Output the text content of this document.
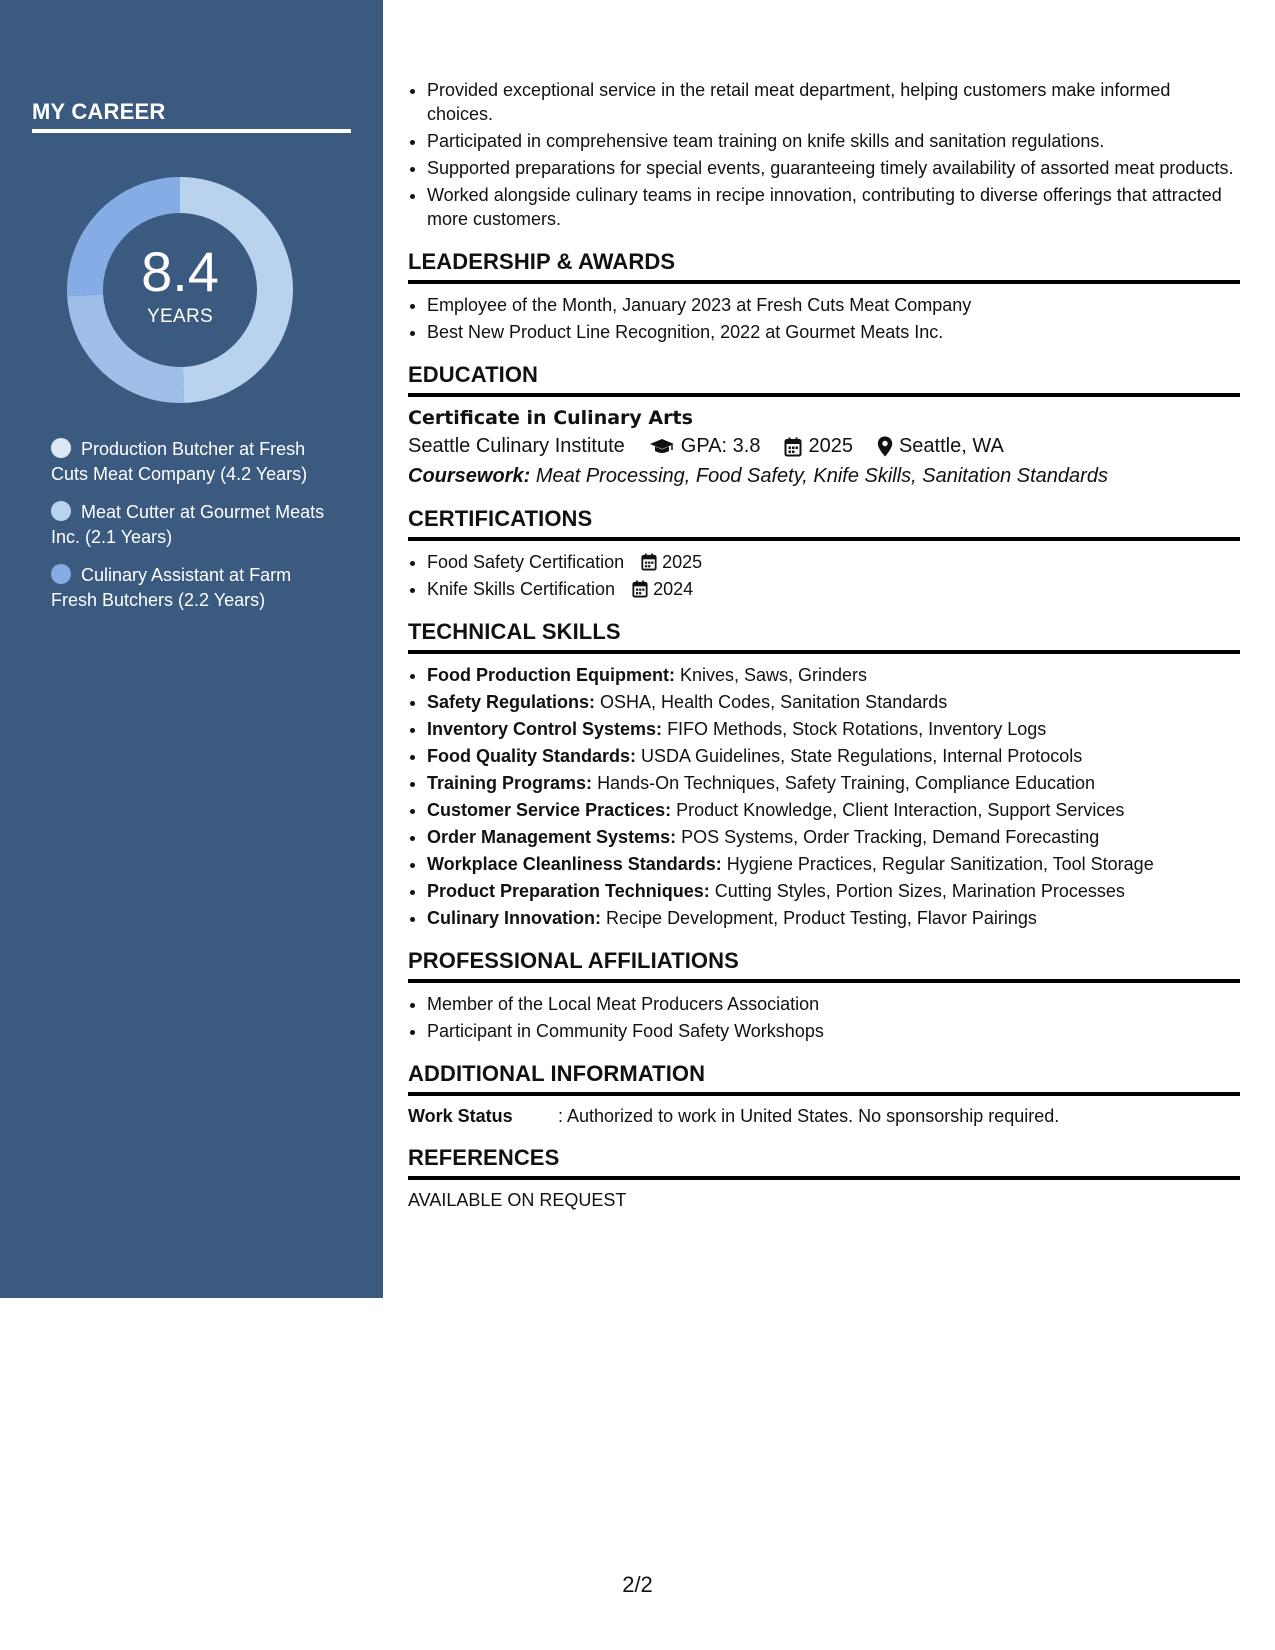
MY CAREER
8.4
YEARS
Production Butcher at Fresh Cuts Meat Company (4.2 Years)
Meat Cutter at Gourmet Meats Inc. (2.1 Years)
Culinary Assistant at Farm Fresh Butchers (2.2 Years)
• Provided exceptional service in the retail meat department, helping customers make informed choices.
• Participated in comprehensive team training on knife skills and sanitation regulations.
• Supported preparations for special events, guaranteeing timely availability of assorted meat products.
• Worked alongside culinary teams in recipe innovation, contributing to diverse offerings that attracted more customers.
LEADERSHIP & AWARDS
• Employee of the Month, January 2023 at Fresh Cuts Meat Company
• Best New Product Line Recognition, 2022 at Gourmet Meats Inc.
EDUCATION
Certificate in Culinary Arts
Seattle Culinary Institute	GPA: 3.8 2025 Seattle, WA
Coursework: Meat Processing, Food Safety, Knife Skills, Sanitation Standards
CERTIFICATIONS
• Food Safety Certification 2025
• Knife Skills Certification 2024
TECHNICAL SKILLS
• Food Production Equipment: Knives, Saws, Grinders
• Safety Regulations: OSHA, Health Codes, Sanitation Standards
• Inventory Control Systems: FIFO Methods, Stock Rotations, Inventory Logs
• Food Quality Standards: USDA Guidelines, State Regulations, Internal Protocols
• Training Programs: Hands-On Techniques, Safety Training, Compliance Education
• Customer Service Practices: Product Knowledge, Client Interaction, Support Services
• Order Management Systems: POS Systems, Order Tracking, Demand Forecasting
• Workplace Cleanliness Standards: Hygiene Practices, Regular Sanitization, Tool Storage
• Product Preparation Techniques: Cutting Styles, Portion Sizes, Marination Processes
• Culinary Innovation: Recipe Development, Product Testing, Flavor Pairings
PROFESSIONAL AFFILIATIONS
• Member of the Local Meat Producers Association
• Participant in Community Food Safety Workshops
ADDITIONAL INFORMATION
Work Status	: Authorized to work in United States. No sponsorship required.
REFERENCES
AVAILABLE ON REQUEST
2/2
